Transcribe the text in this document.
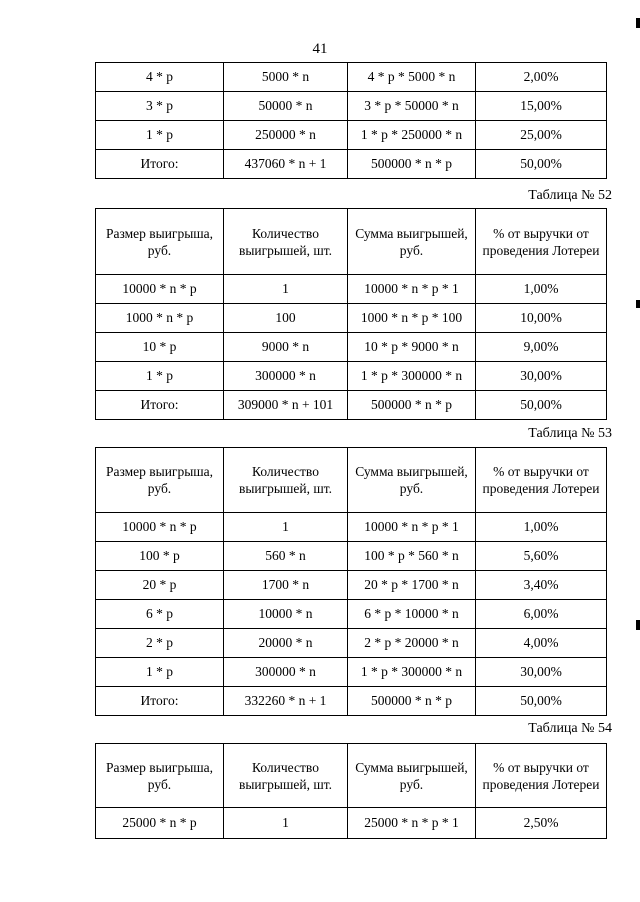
41
4 * p	5000 * n	4 * p * 5000 * n	2,00%
3 * p	50000 * n	3 * p * 50000 * n	15,00%
1 * p	250000 * n	1 * p * 250000 * n	25,00%
Итого:	437060 * n + 1	500000 * n * p	50,00%
Таблица № 52
Размер выигрыша, руб.	Количество выигрышей, шт.	Сумма выигрышей, руб.	% от выручки от проведения Лотереи
10000 * n * p	1	10000 * n * p * 1	1,00%
1000 * n * p	100	1000 * n * p * 100	10,00%
10 * p	9000 * n	10 * p * 9000 * n	9,00%
1 * p	300000 * n	1 * p * 300000 * n	30,00%
Итого:	309000 * n + 101	500000 * n * p	50,00%
Таблица № 53
Размер выигрыша, руб.	Количество выигрышей, шт.	Сумма выигрышей, руб.	% от выручки от проведения Лотереи
10000 * n * p	1	10000 * n * p * 1	1,00%
100 * p	560 * n	100 * p * 560 * n	5,60%
20 * p	1700 * n	20 * p * 1700 * n	3,40%
6 * p	10000 * n	6 * p * 10000 * n	6,00%
2 * p	20000 * n	2 * p * 20000 * n	4,00%
1 * p	300000 * n	1 * p * 300000 * n	30,00%
Итого:	332260 * n + 1	500000 * n * p	50,00%
Таблица № 54
Размер выигрыша, руб.	Количество выигрышей, шт.	Сумма выигрышей, руб.	% от выручки от проведения Лотереи
25000 * n * p	1	25000 * n * p * 1	2,50%
